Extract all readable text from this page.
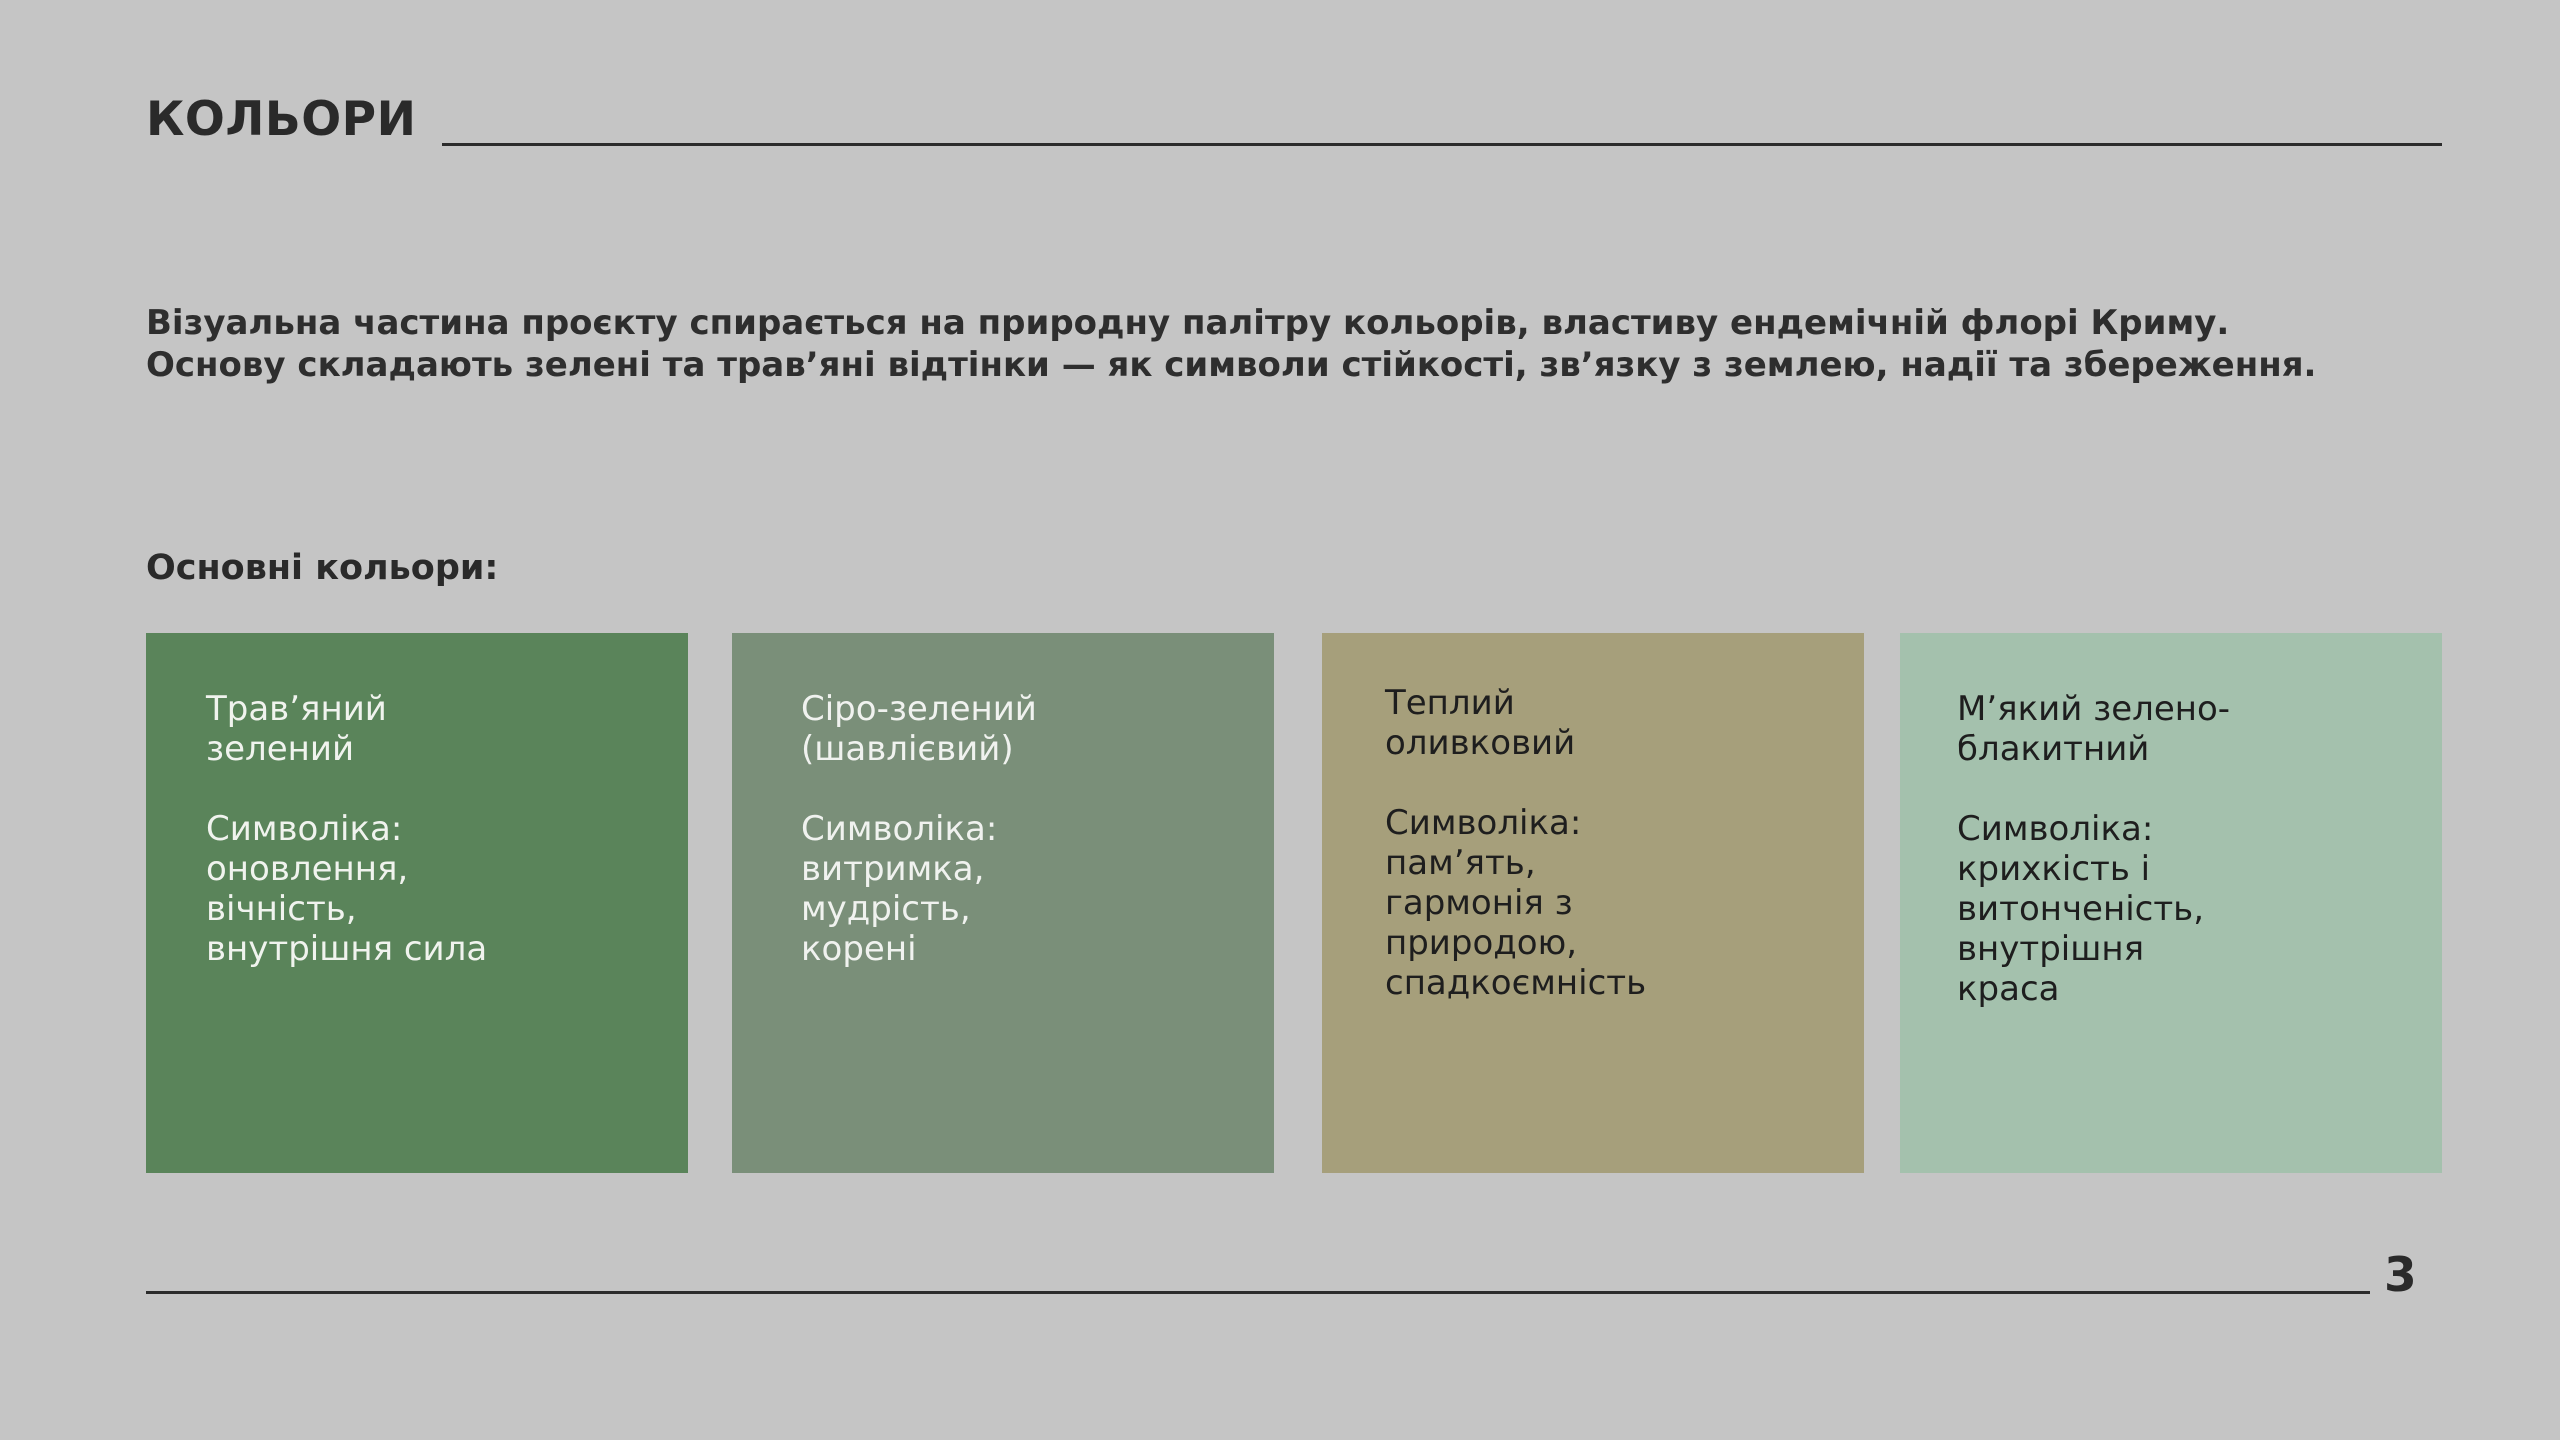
КОЛЬОРИ
Візуальна частина проєкту спирається на природну палітру кольорів, властиву ендемічній флорі Криму.
Основу складають зелені та трав’яні відтінки — як символи стійкості, зв’язку з землею, надії та збереження.
Основні кольори:
Трав’яний
зелений
Символіка:
оновлення,
вічність,
внутрішня сила
Сіро-зелений
(шавлієвий)
Символіка:
витримка,
мудрість,
корені
Теплий
оливковий
Символіка:
пам’ять,
гармонія з
природою,
спадкоємність
М’який зелено-
блакитний
Символіка:
крихкість і
витонченість,
внутрішня
краса
3
